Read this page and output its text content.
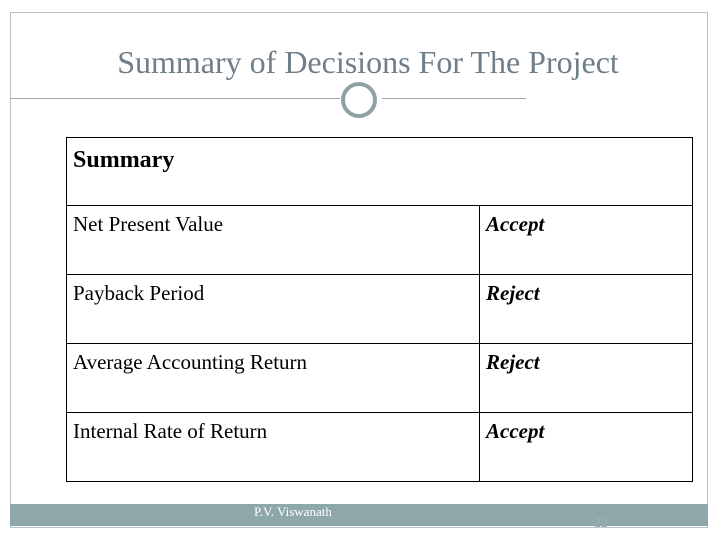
Summary of Decisions For The Project
Summary	
Net Present Value	Accept
Payback Period	Reject
Average Accounting Return	Reject
Internal Rate of Return	Accept
P.V. Viswanath
22
